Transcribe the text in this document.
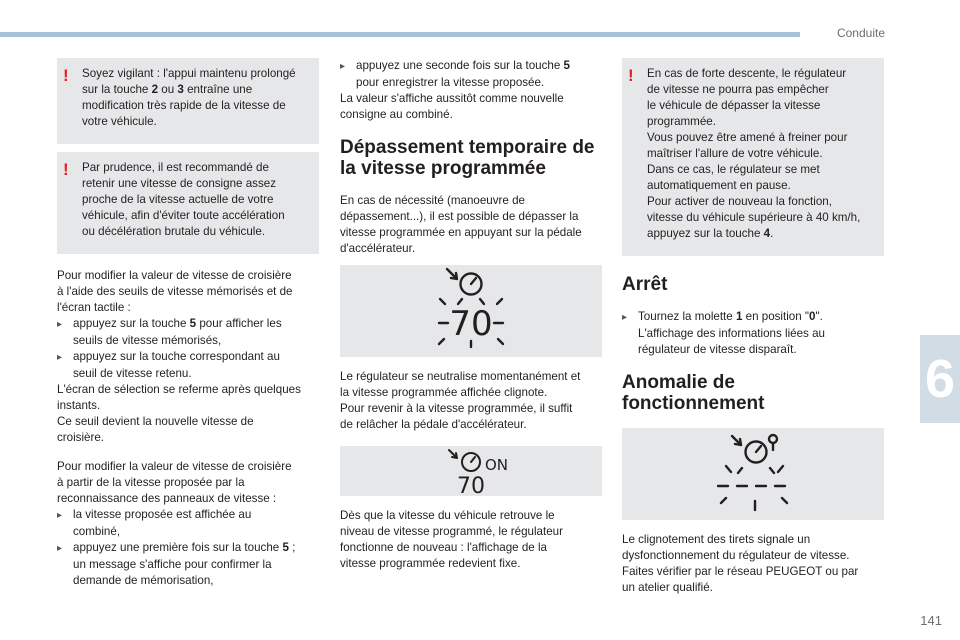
Conduite
6
141
! Soyez vigilant : l'appui maintenu prolongé
sur la touche 2 ou 3 entraîne une
modification très rapide de la vitesse de
votre véhicule.
! Par prudence, il est recommandé de
retenir une vitesse de consigne assez
proche de la vitesse actuelle de votre
véhicule, afin d'éviter toute accélération
ou décélération brutale du véhicule.

Pour modifier la valeur de vitesse de croisière
à l'aide des seuils de vitesse mémorisés et de
l'écran tactile :

▸ appuyez sur la touche 5 pour afficher les
seuils de vitesse mémorisés,
▸ appuyez sur la touche correspondant au
seuil de vitesse retenu.
L'écran de sélection se referme après quelques
instants.
Ce seuil devient la nouvelle vitesse de
croisière.

Pour modifier la valeur de vitesse de croisière
à partir de la vitesse proposée par la
reconnaissance des panneaux de vitesse :

▸ la vitesse proposée est affichée au
combiné,
▸ appuyez une première fois sur la touche 5 ;
un message s'affiche pour confirmer la
demande de mémorisation,

▸ appuyez une seconde fois sur la touche 5
pour enregistrer la vitesse proposée.
La valeur s'affiche aussitôt comme nouvelle
consigne au combiné.

Dépassement temporaire de
la vitesse programmée

En cas de nécessité (manoeuvre de
dépassement...), il est possible de dépasser la
vitesse programmée en appuyant sur la pédale
d'accélérateur.

70

Le régulateur se neutralise momentanément et
la vitesse programmée affichée clignote.
Pour revenir à la vitesse programmée, il suffit
de relâcher la pédale d'accélérateur.

70
ON

Dès que la vitesse du véhicule retrouve le
niveau de vitesse programmé, le régulateur
fonctionne de nouveau : l'affichage de la
vitesse programmée redevient fixe.

! En cas de forte descente, le régulateur
de vitesse ne pourra pas empêcher
le véhicule de dépasser la vitesse
programmée.
Vous pouvez être amené à freiner pour
maîtriser l'allure de votre véhicule.
Dans ce cas, le régulateur se met
automatiquement en pause.
Pour activer de nouveau la fonction,
vitesse du véhicule supérieure à 40 km/h,
appuyez sur la touche 4.
Arrêt

▸ Tournez la molette 1 en position "0".
L'affichage des informations liées au
régulateur de vitesse disparaît.

Anomalie de
fonctionnement

Le clignotement des tirets signale un
dysfonctionnement du régulateur de vitesse.
Faites vérifier par le réseau PEUGEOT ou par
un atelier qualifié.
